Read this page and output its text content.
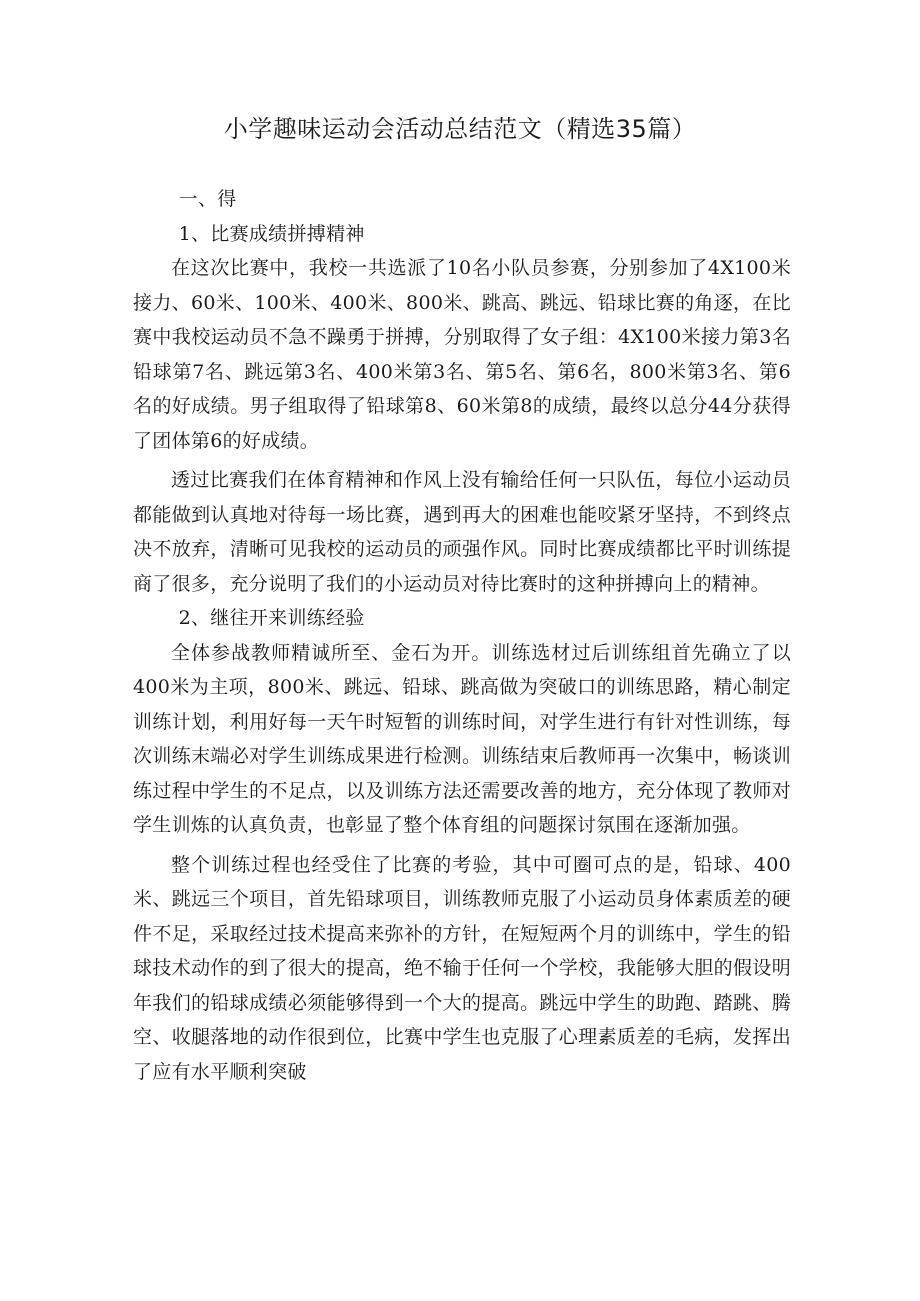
小学趣味运动会活动总结范文（精选35篇）

一、得

1、比赛成绩拼搏精神

在这次比赛中，我校一共选派了10名小队员参赛，分别参加了4X100米接力、60米、100米、400米、800米、跳高、跳远、铅球比赛的角逐，在比赛中我校运动员不急不躁勇于拼搏，分别取得了女子组：4X100米接力第3名铅球第7名、跳远第3名、400米第3名、第5名、第6名，800米第3名、第6名的好成绩。男子组取得了铅球第8、60米第8的成绩，最终以总分44分获得了团体第6的好成绩。

透过比赛我们在体育精神和作风上没有输给任何一只队伍，每位小运动员都能做到认真地对待每一场比赛，遇到再大的困难也能咬紧牙坚持，不到终点决不放弃，清晰可见我校的运动员的顽强作风。同时比赛成绩都比平时训练提商了很多，充分说明了我们的小运动员对待比赛时的这种拼搏向上的精神。

2、继往开来训练经验

全体参战教师精诚所至、金石为开。训练选材过后训练组首先确立了以400米为主项，800米、跳远、铅球、跳高做为突破口的训练思路，精心制定训练计划，利用好每一天午时短暂的训练时间，对学生进行有针对性训练，每次训练末端必对学生训练成果进行检测。训练结束后教师再一次集中，畅谈训练过程中学生的不足点，以及训练方法还需要改善的地方，充分体现了教师对学生训炼的认真负责，也彰显了整个体育组的问题探讨氛围在逐渐加强。

整个训练过程也经受住了比赛的考验，其中可圈可点的是，铅球、400米、跳远三个项目，首先铅球项目，训练教师克服了小运动员身体素质差的硬件不足，采取经过技术提高来弥补的方针，在短短两个月的训练中，学生的铅球技术动作的到了很大的提高，绝不输于任何一个学校，我能够大胆的假设明年我们的铅球成绩必须能够得到一个大的提高。跳远中学生的助跑、踏跳、腾空、收腿落地的动作很到位，比赛中学生也克服了心理素质差的毛病，发挥出了应有水平顺利突破
